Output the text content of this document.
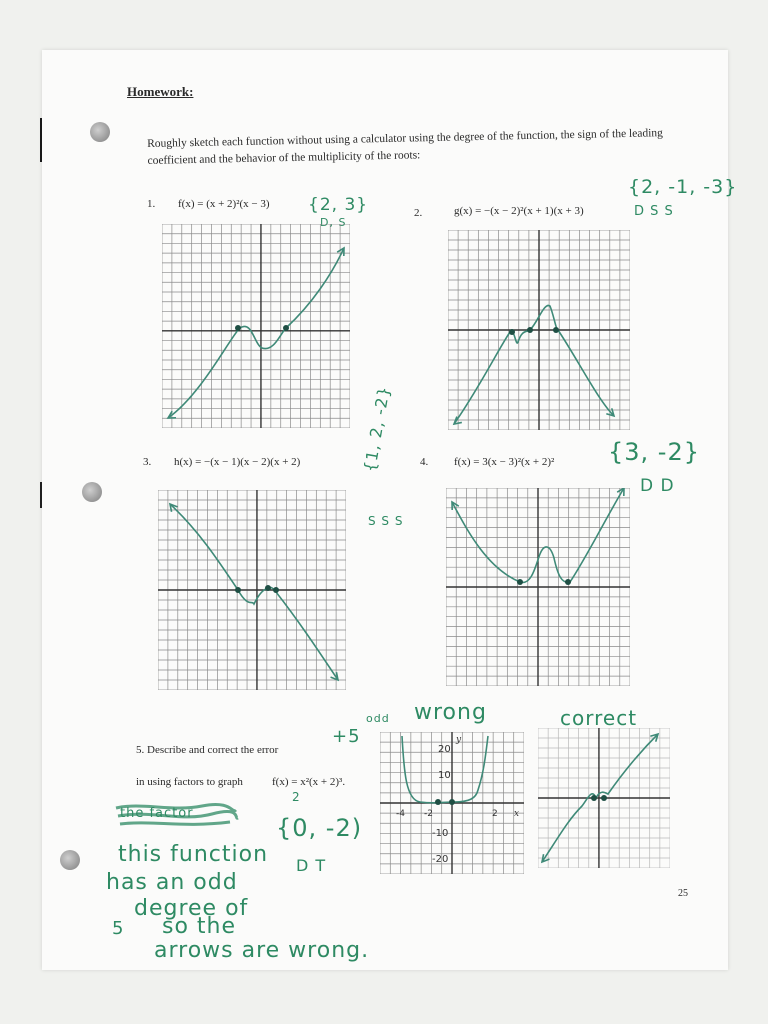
Homework:
Roughly sketch each function without using a calculator using the degree of the function, the sign of the leading coefficient and the behavior of the multiplicity of the roots:
1. f(x) = (x + 2)²(x − 3) {2, 3}
D, S
2.	g(x) = −(x − 2)²(x + 1)(x + 3)
{2, -1, -3}
D S S
3. h(x) = −(x − 1)(x − 2)(x + 2)	{1, 2, -2}
S S S
4. f(x) = 3(x − 3)²(x + 2)² {3, -2}
D D
5. Describe and correct the error
in using factors to graph	f(x) = x²(x + 2)³.
odd
+5
wrong	correct
{0, -2)
D T
2
the factor
this function
has an odd
degree of
5 so the
arrows are wrong.
20
10
-10
-20
-4 -2	2 x
y
25
